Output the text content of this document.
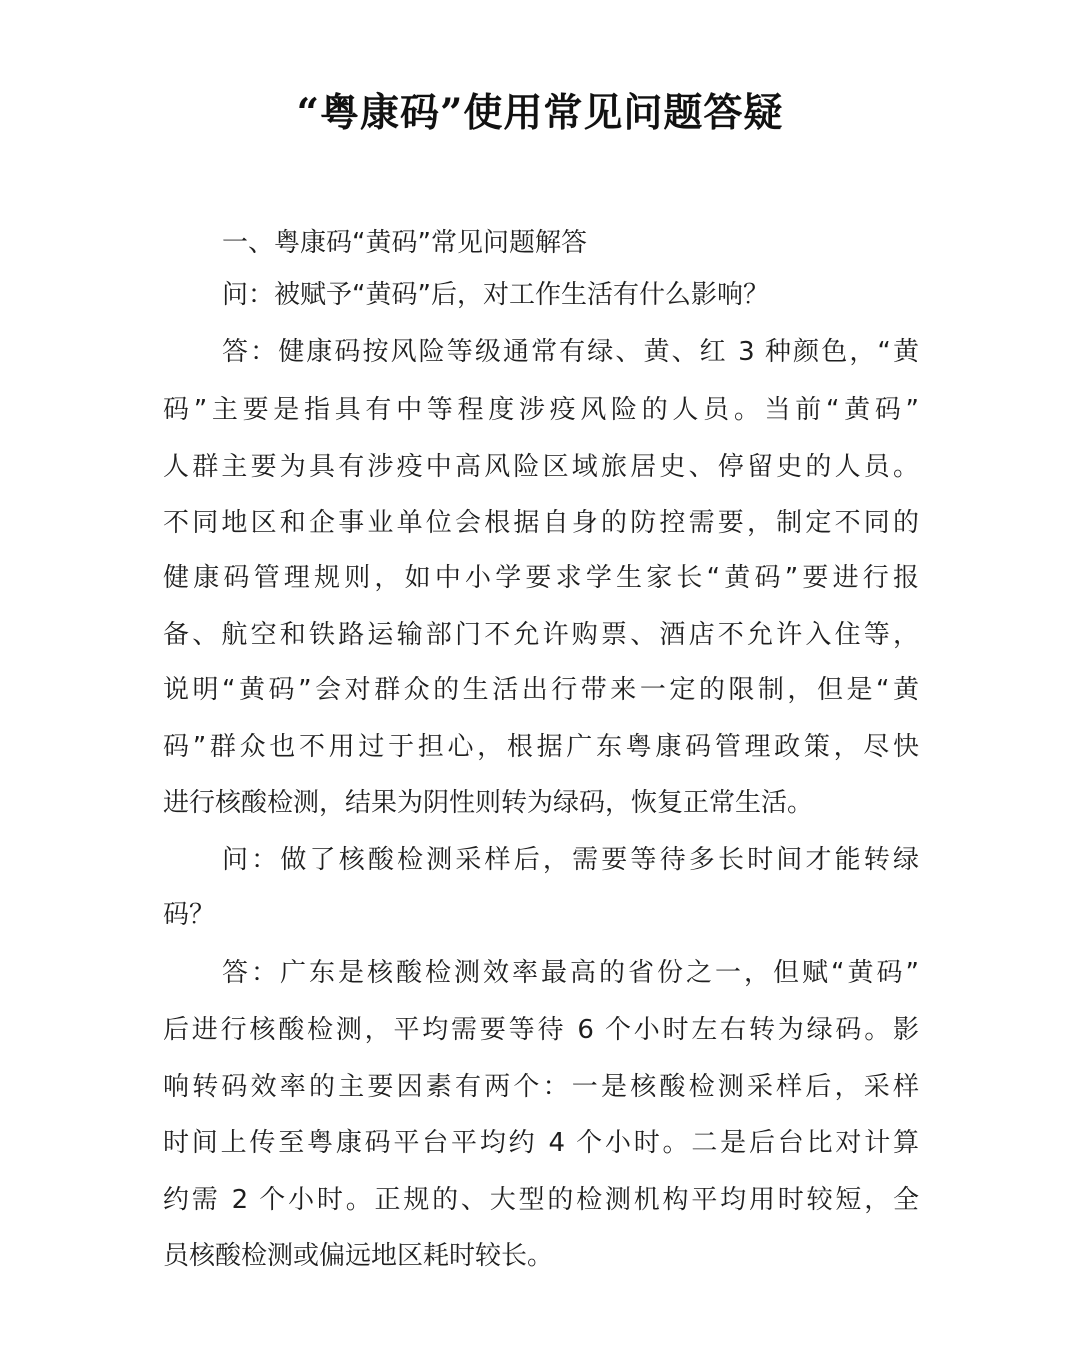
“粤康码”使用常见问题答疑
一、粤康码“黄码”常见问题解答
问：被赋予“黄码”后，对工作生活有什么影响？
答：健康码按风险等级通常有绿、黄、红 3 种颜色，“黄
码”主要是指具有中等程度涉疫风险的人员。当前“黄码”
人群主要为具有涉疫中高风险区域旅居史、停留史的人员。
不同地区和企事业单位会根据自身的防控需要，制定不同的
健康码管理规则，如中小学要求学生家长“黄码”要进行报
备、航空和铁路运输部门不允许购票、酒店不允许入住等，
说明“黄码”会对群众的生活出行带来一定的限制，但是“黄
码”群众也不用过于担心，根据广东粤康码管理政策，尽快
进行核酸检测，结果为阴性则转为绿码，恢复正常生活。
问：做了核酸检测采样后，需要等待多长时间才能转绿
码？
答：广东是核酸检测效率最高的省份之一，但赋“黄码”
后进行核酸检测，平均需要等待 6 个小时左右转为绿码。影
响转码效率的主要因素有两个：一是核酸检测采样后，采样
时间上传至粤康码平台平均约 4 个小时。二是后台比对计算
约需 2 个小时。正规的、大型的检测机构平均用时较短，全
员核酸检测或偏远地区耗时较长。
